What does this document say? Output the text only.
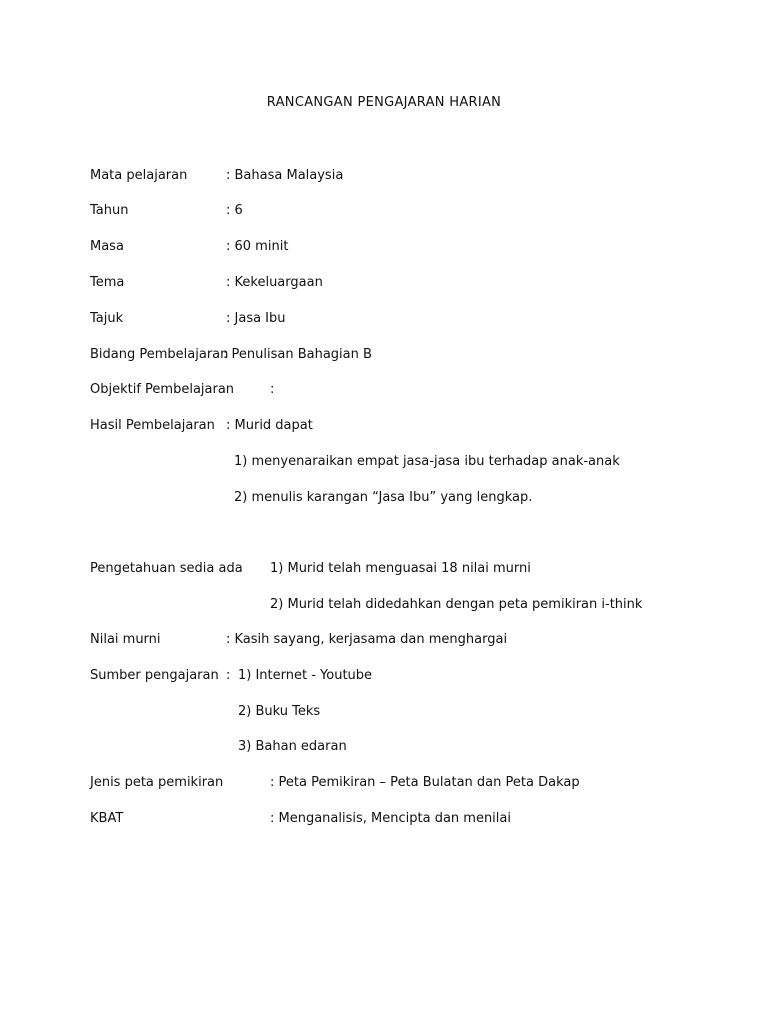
RANCANGAN PENGAJARAN HARIAN
Mata pelajaran	: Bahasa Malaysia
Tahun	: 6
Masa	: 60 minit
Tema	: Kekeluargaan
Tajuk	: Jasa Ibu
Bidang Pembelajaran
: Penulisan Bahagian B
Objektif Pembelajaran	:
Hasil Pembelajaran : Murid dapat
1) menyenaraikan empat jasa-jasa ibu terhadap anak-anak
2) menulis karangan “Jasa Ibu” yang lengkap.
Pengetahuan sedia ada 1) Murid telah menguasai 18 nilai murni
2) Murid telah didedahkan dengan peta pemikiran i-think
Nilai murni	: Kasih sayang, kerjasama dan menghargai
Sumber pengajaran : 1) Internet - Youtube
2) Buku Teks
3) Bahan edaran
Jenis peta pemikiran	: Peta Pemikiran – Peta Bulatan dan Peta Dakap
KBAT	: Menganalisis, Mencipta dan menilai
